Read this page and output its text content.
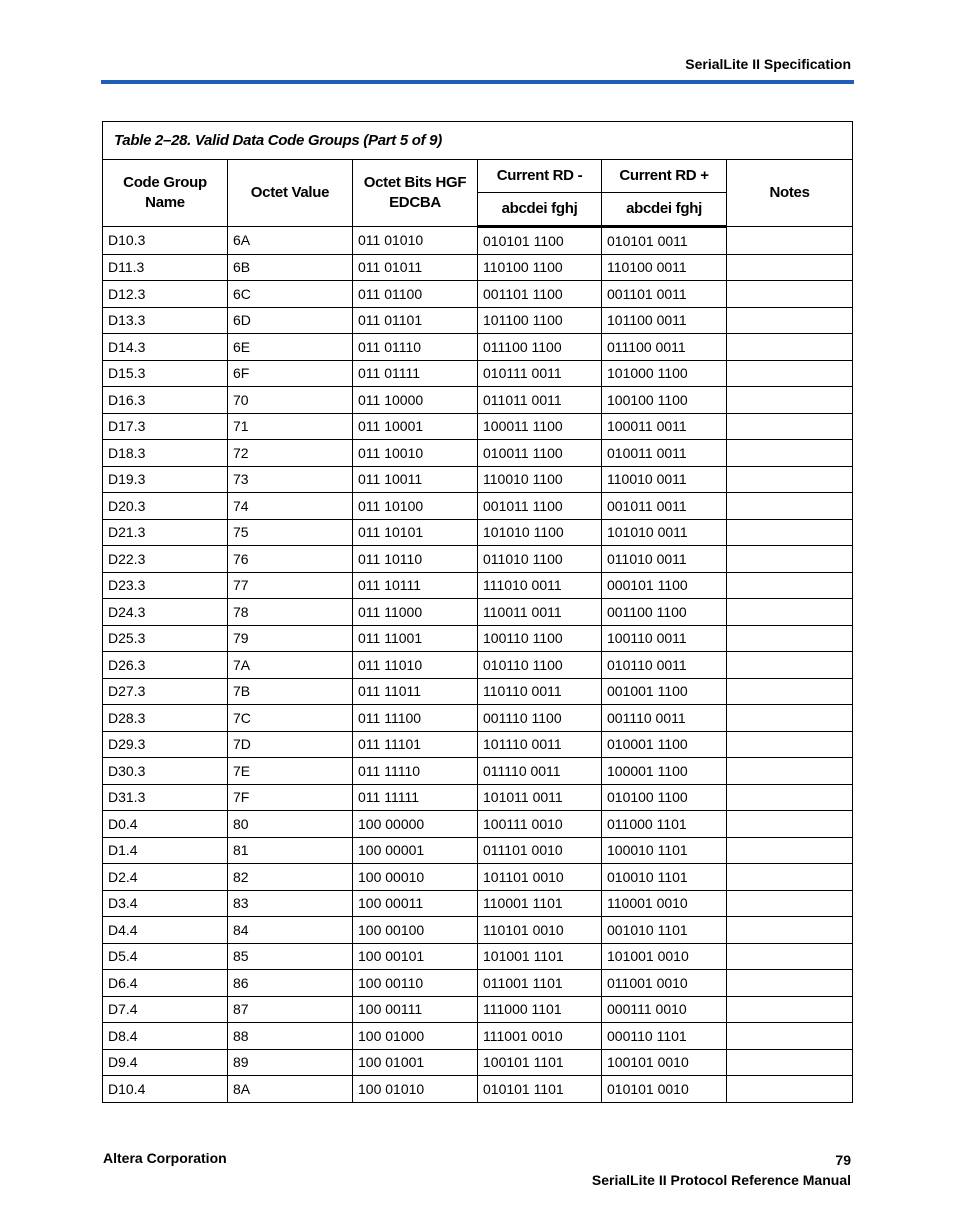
SerialLite II Specification
Table 2–28. Valid Data Code Groups (Part 5 of 9)					
Code Group Name	Octet Value	Octet Bits HGF EDCBA	Current RD -	Current RD +	Notes
			abcdei fghj	abcdei fghj	
D10.3	6A	011 01010	010101 1100	010101 0011	
D11.3	6B	011 01011	110100 1100	110100 0011	
D12.3	6C	011 01100	001101 1100	001101 0011	
D13.3	6D	011 01101	101100 1100	101100 0011	
D14.3	6E	011 01110	011100 1100	011100 0011	
D15.3	6F	011 01111	010111 0011	101000 1100	
D16.3	70	011 10000	011011 0011	100100 1100	
D17.3	71	011 10001	100011 1100	100011 0011	
D18.3	72	011 10010	010011 1100	010011 0011	
D19.3	73	011 10011	110010 1100	110010 0011	
D20.3	74	011 10100	001011 1100	001011 0011	
D21.3	75	011 10101	101010 1100	101010 0011	
D22.3	76	011 10110	011010 1100	011010 0011	
D23.3	77	011 10111	111010 0011	000101 1100	
D24.3	78	011 11000	110011 0011	001100 1100	
D25.3	79	011 11001	100110 1100	100110 0011	
D26.3	7A	011 11010	010110 1100	010110 0011	
D27.3	7B	011 11011	110110 0011	001001 1100	
D28.3	7C	011 11100	001110 1100	001110 0011	
D29.3	7D	011 11101	101110 0011	010001 1100	
D30.3	7E	011 11110	011110 0011	100001 1100	
D31.3	7F	011 11111	101011 0011	010100 1100	
D0.4	80	100 00000	100111 0010	011000 1101	
D1.4	81	100 00001	011101 0010	100010 1101	
D2.4	82	100 00010	101101 0010	010010 1101	
D3.4	83	100 00011	110001 1101	110001 0010	
D4.4	84	100 00100	110101 0010	001010 1101	
D5.4	85	100 00101	101001 1101	101001 0010	
D6.4	86	100 00110	011001 1101	011001 0010	
D7.4	87	100 00111	111000 1101	000111 0010	
D8.4	88	100 01000	111001 0010	000110 1101	
D9.4	89	100 01001	100101 1101	100101 0010	
D10.4	8A	100 01010	010101 1101	010101 0010	
Altera Corporation	79
SerialLite II Protocol Reference Manual
